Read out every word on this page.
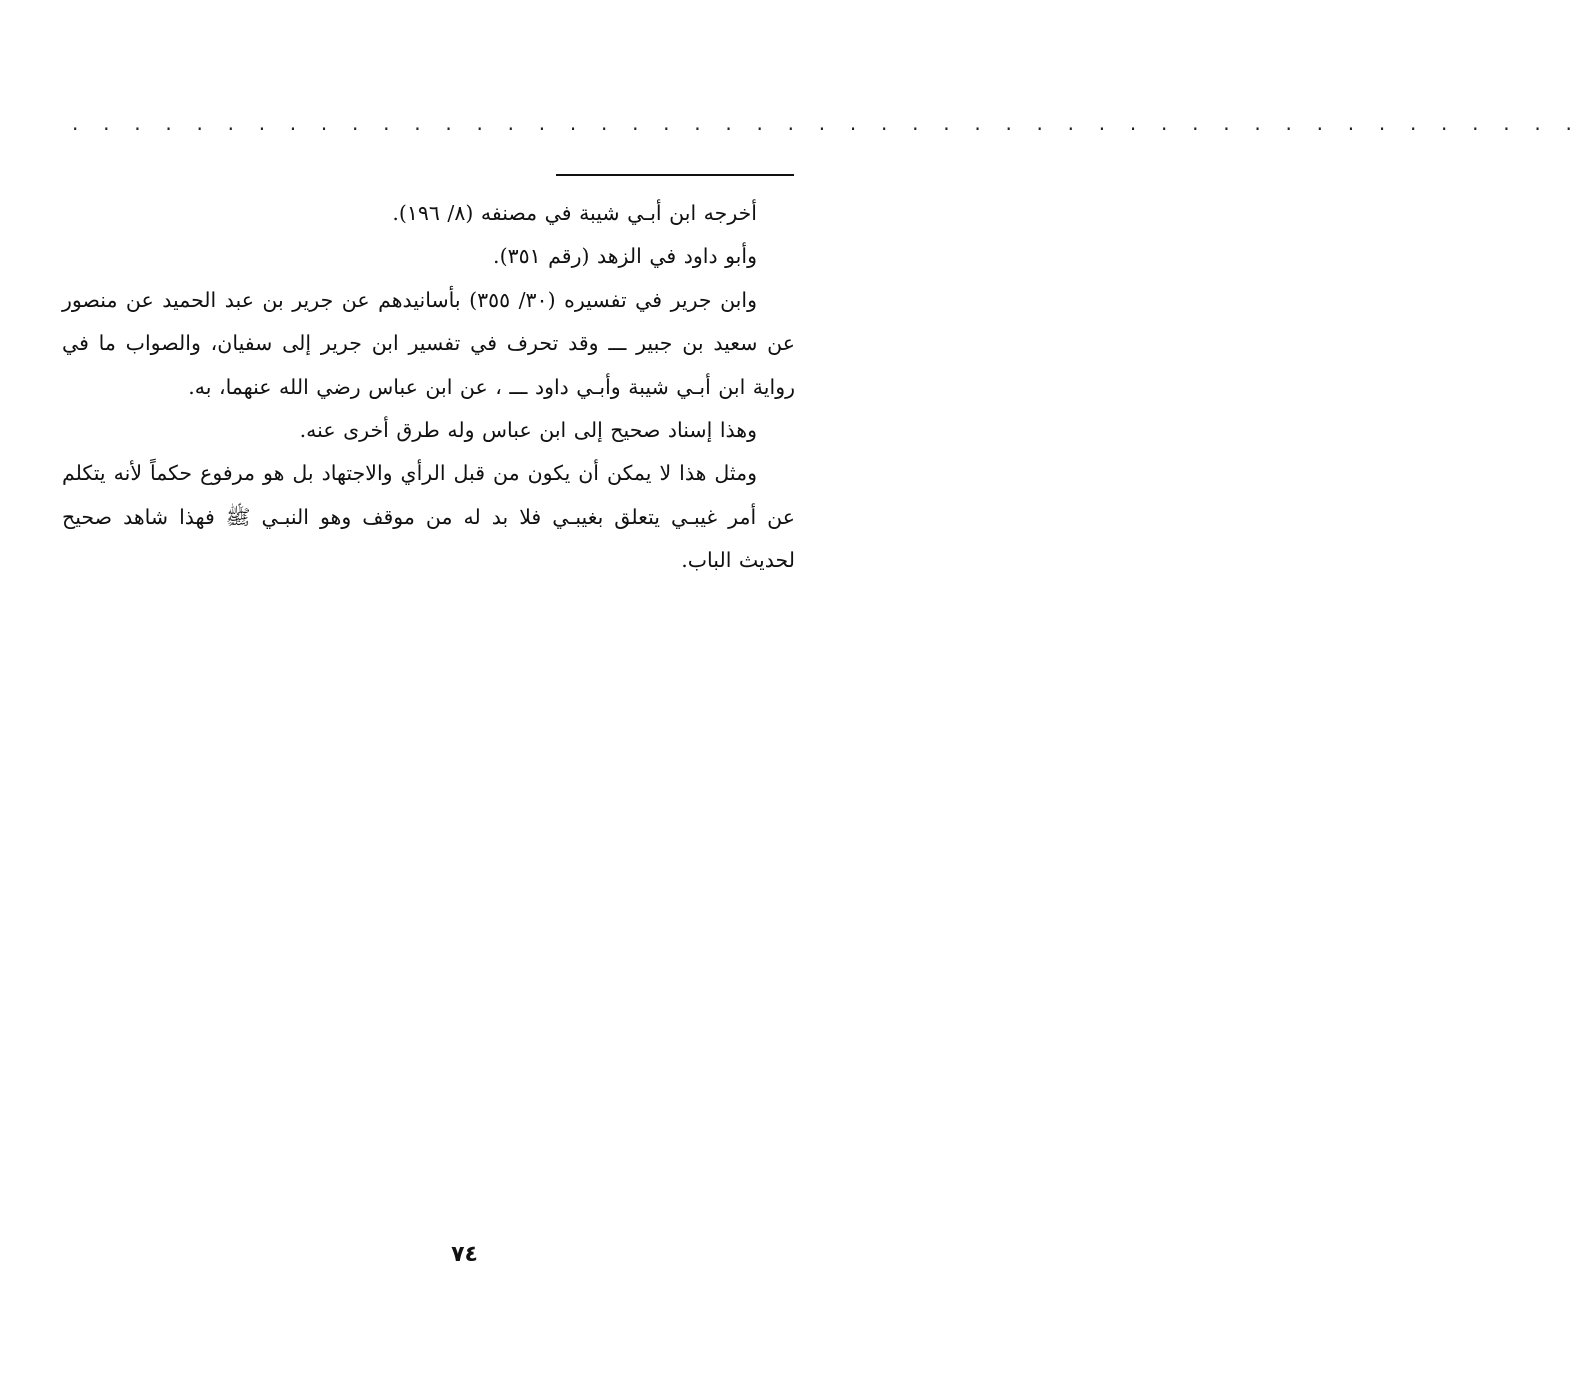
. . . . . . . . . . . . . . . . . . . . . . . . . . . . . . . . . . . . . . . . . . . . . . . . .

أخرجه ابن أبـي شيبة في مصنفه (٨/ ١٩٦).

وأبو داود في الزهد (رقم ٣٥١).

وابن جرير في تفسيره (٣٠/ ٣٥٥) بأسانيدهم عن جرير بن عبد الحميد عن منصور عن سعيد بن جبير ـــ وقد تحرف في تفسير ابن جرير إلى سفيان، والصواب ما في رواية ابن أبـي شيبة وأبـي داود ـــ ، عن ابن عباس رضي الله عنهما، به.

وهذا إسناد صحيح إلى ابن عباس وله طرق أخرى عنه.

ومثل هذا لا يمكن أن يكون من قبل الرأي والاجتهاد بل هو مرفوع حكماً لأنه يتكلم عن أمر غيبـي يتعلق بغيبـي فلا بد له من موقف وهو النبـي ﷺ فهذا شاهد صحيح لحديث الباب.

٧٤
